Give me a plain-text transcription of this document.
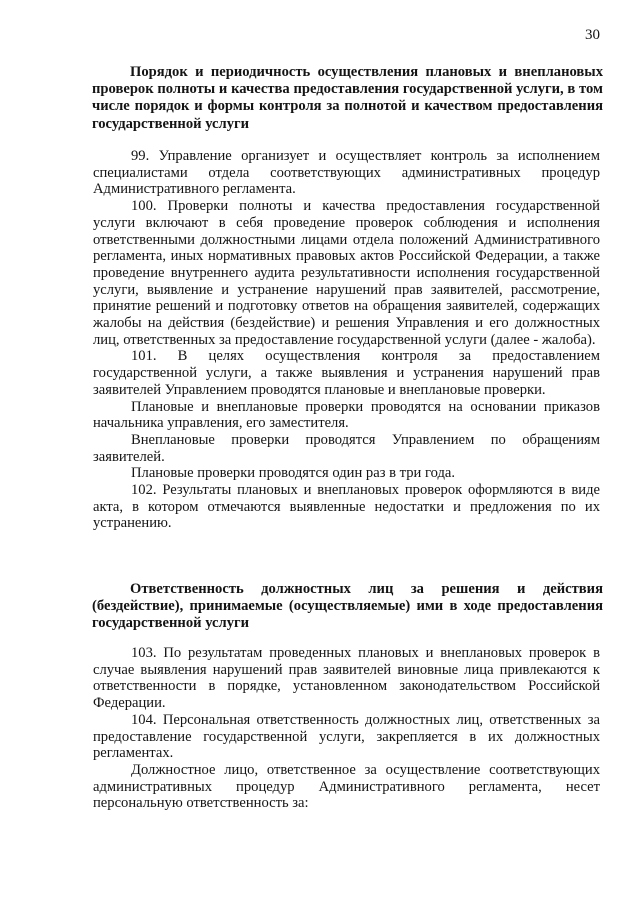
30
Порядок и периодичность осуществления плановых и внеплановых проверок полноты и качества предоставления государственной услуги, в том числе порядок и формы контроля за полнотой и качеством предоставления государственной услуги

99. Управление организует и осуществляет контроль за исполнением специалистами отдела соответствующих административных процедур Административного регламента.

100. Проверки полноты и качества предоставления государственной услуги включают в себя проведение проверок соблюдения и исполнения ответственными должностными лицами отдела положений Административного регламента, иных нормативных правовых актов Российской Федерации, а также проведение внутреннего аудита результативности исполнения государственной услуги, выявление и устранение нарушений прав заявителей, рассмотрение, принятие решений и подготовку ответов на обращения заявителей, содержащих жалобы на действия (бездействие) и решения Управления и его должностных лиц, ответственных за предоставление государственной услуги (далее - жалоба).

101. В целях осуществления контроля за предоставлением государственной услуги, а также выявления и устранения нарушений прав заявителей Управлением проводятся плановые и внеплановые проверки.

Плановые и внеплановые проверки проводятся на основании приказов начальника управления, его заместителя.

Внеплановые проверки проводятся Управлением по обращениям заявителей.

Плановые проверки проводятся один раз в три года.

102. Результаты плановых и внеплановых проверок оформляются в виде акта, в котором отмечаются выявленные недостатки и предложения по их устранению.

Ответственность должностных лиц за решения и действия (бездействие), принимаемые (осуществляемые) ими в ходе предоставления государственной услуги

103. По результатам проведенных плановых и внеплановых проверок в случае выявления нарушений прав заявителей виновные лица привлекаются к ответственности в порядке, установленном законодательством Российской Федерации.

104. Персональная ответственность должностных лиц, ответственных за предоставление государственной услуги, закрепляется в их должностных регламентах.

Должностное лицо, ответственное за осуществление соответствующих административных процедур Административного регламента, несет персональную ответственность за:
